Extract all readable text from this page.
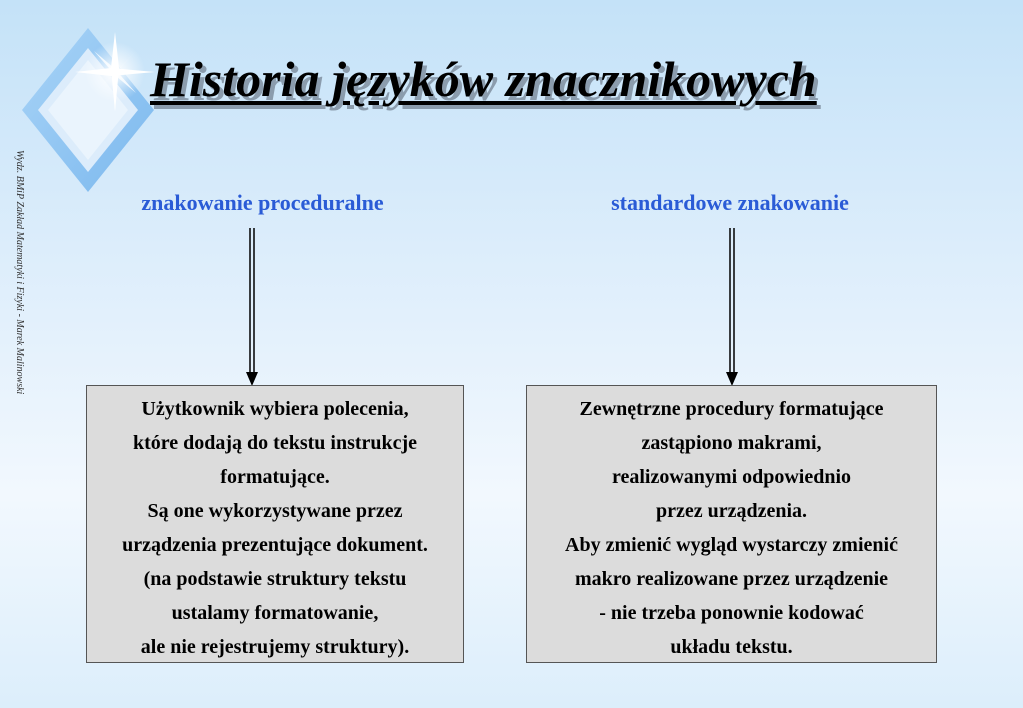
Historia języków znacznikowych
Wydz. BMiP Zakład Matematyki i Fizyki - Marek Malinowski	znakowanie proceduralne	standardowe znakowanie
Użytkownik wybiera polecenia,
które dodają do tekstu instrukcje
formatujące.
Są one wykorzystywane przez
urządzenia prezentujące dokument.
(na podstawie struktury tekstu
ustalamy formatowanie,
ale nie rejestrujemy struktury).
Zewnętrzne procedury formatujące
zastąpiono makrami,
realizowanymi odpowiednio
przez urządzenia.
Aby zmienić wygląd wystarczy zmienić
makro realizowane przez urządzenie
- nie trzeba ponownie kodować
układu tekstu.
